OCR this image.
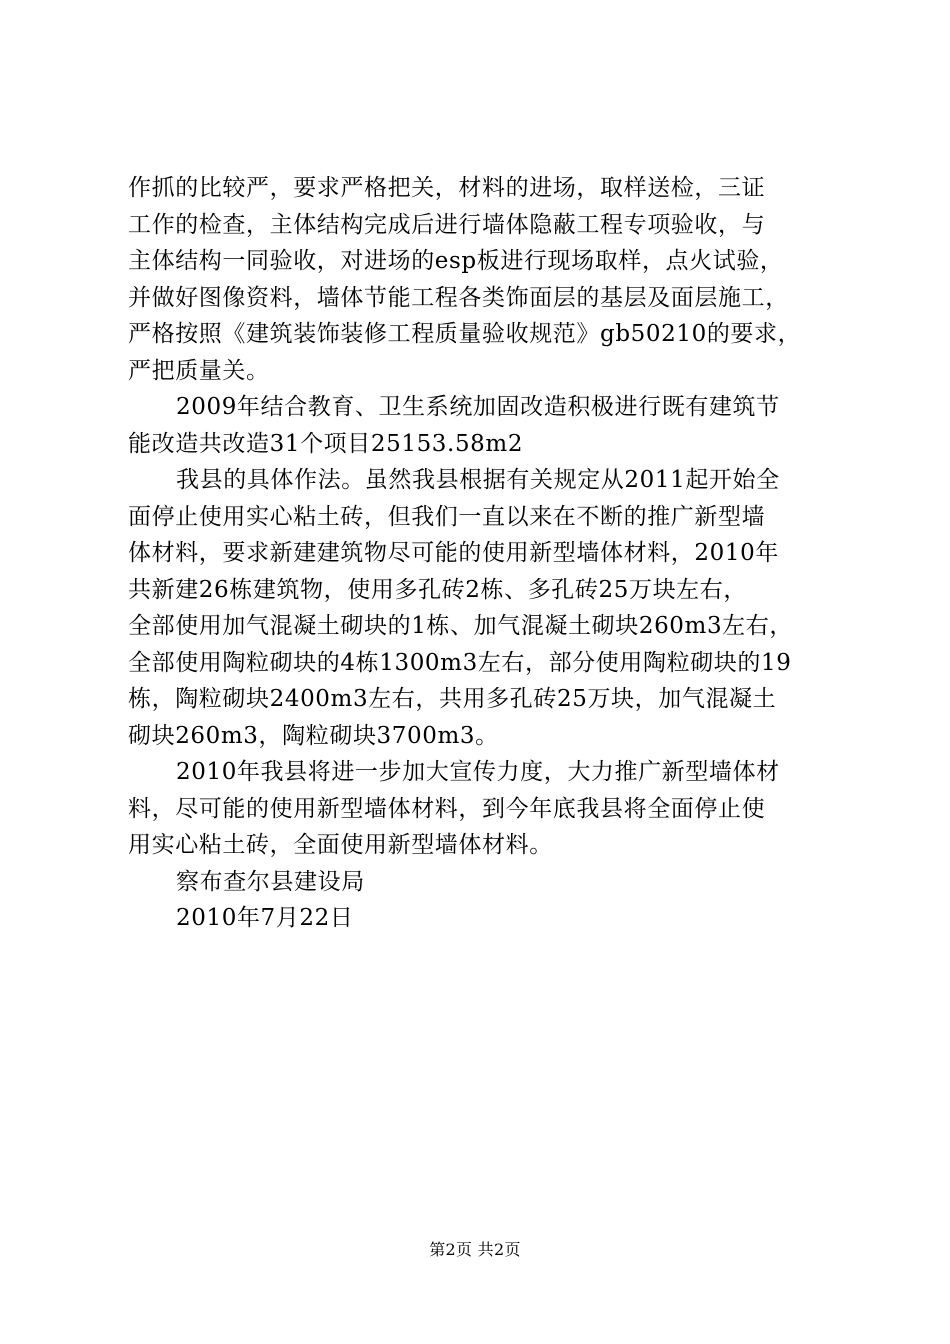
作抓的比较严，要求严格把关，材料的进场，取样送检，三证
工作的检查，主体结构完成后进行墙体隐蔽工程专项验收，与
主体结构一同验收，对进场的esp板进行现场取样，点火试验，
并做好图像资料，墙体节能工程各类饰面层的基层及面层施工，
严格按照《建筑装饰装修工程质量验收规范》gb50210的要求，
严把质量关。
2009年结合教育、卫生系统加固改造积极进行既有建筑节
能改造共改造31个项目25153.58m2
我县的具体作法。虽然我县根据有关规定从2011起开始全
面停止使用实心粘土砖，但我们一直以来在不断的推广新型墙
体材料，要求新建建筑物尽可能的使用新型墙体材料，2010年
共新建26栋建筑物，使用多孔砖2栋、多孔砖25万块左右，
全部使用加气混凝土砌块的1栋、加气混凝土砌块260m3左右，
全部使用陶粒砌块的4栋1300m3左右，部分使用陶粒砌块的19
栋，陶粒砌块2400m3左右，共用多孔砖25万块，加气混凝土
砌块260m3，陶粒砌块3700m3。
2010年我县将进一步加大宣传力度，大力推广新型墙体材
料，尽可能的使用新型墙体材料，到今年底我县将全面停止使
用实心粘土砖，全面使用新型墙体材料。
察布查尔县建设局
2010年7月22日
第2页 共2页
